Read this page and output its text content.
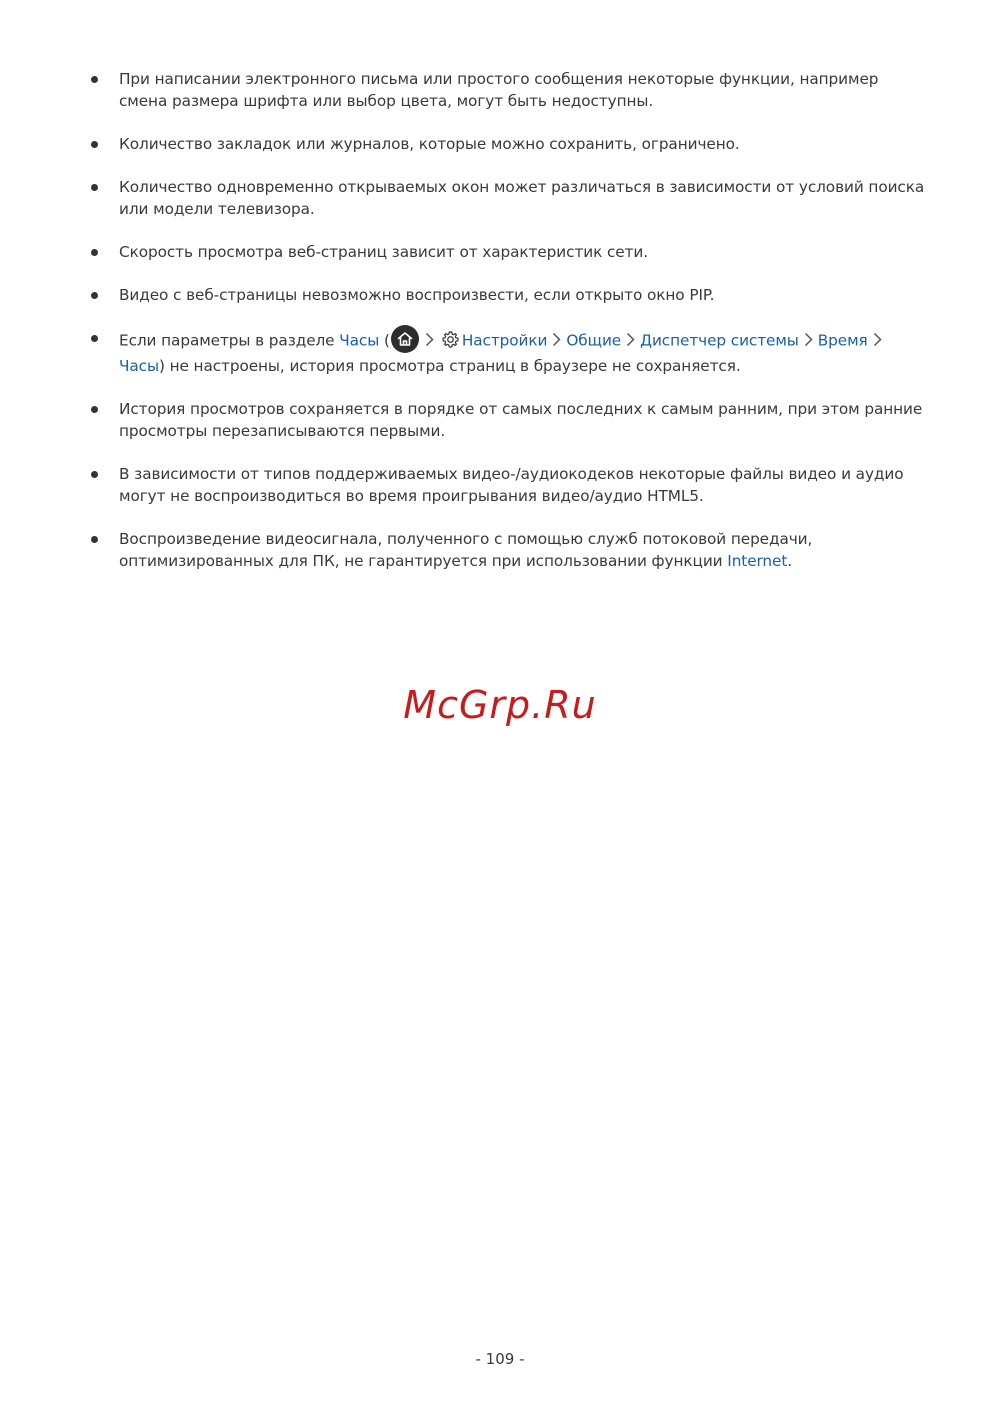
При написании электронного письма или простого сообщения некоторые функции, например смена размера шрифта или выбор цвета, могут быть недоступны.
Количество закладок или журналов, которые можно сохранить, ограничено.
Количество одновременно открываемых окон может различаться в зависимости от условий поиска или модели телевизора.
Скорость просмотра веб-страниц зависит от характеристик сети.
Видео с веб-страницы невозможно воспроизвести, если открыто окно PIP.
Если параметры в разделе Часы (	Настройки Общие Диспетчер системы ВремяЧасы) не настроены, история просмотра страниц в браузере не сохраняется.
История просмотров сохраняется в порядке от самых последних к самым ранним, при этом ранние просмотры перезаписываются первыми.
В зависимости от типов поддерживаемых видео-/аудиокодеков некоторые файлы видео и аудио могут не воспроизводиться во время проигрывания видео/аудио HTML5.
Воспроизведение видеосигнала, полученного с помощью служб потоковой передачи, оптимизированных для ПК, не гарантируется при использовании функции Internet.
McGrp.Ru
- 109 -
